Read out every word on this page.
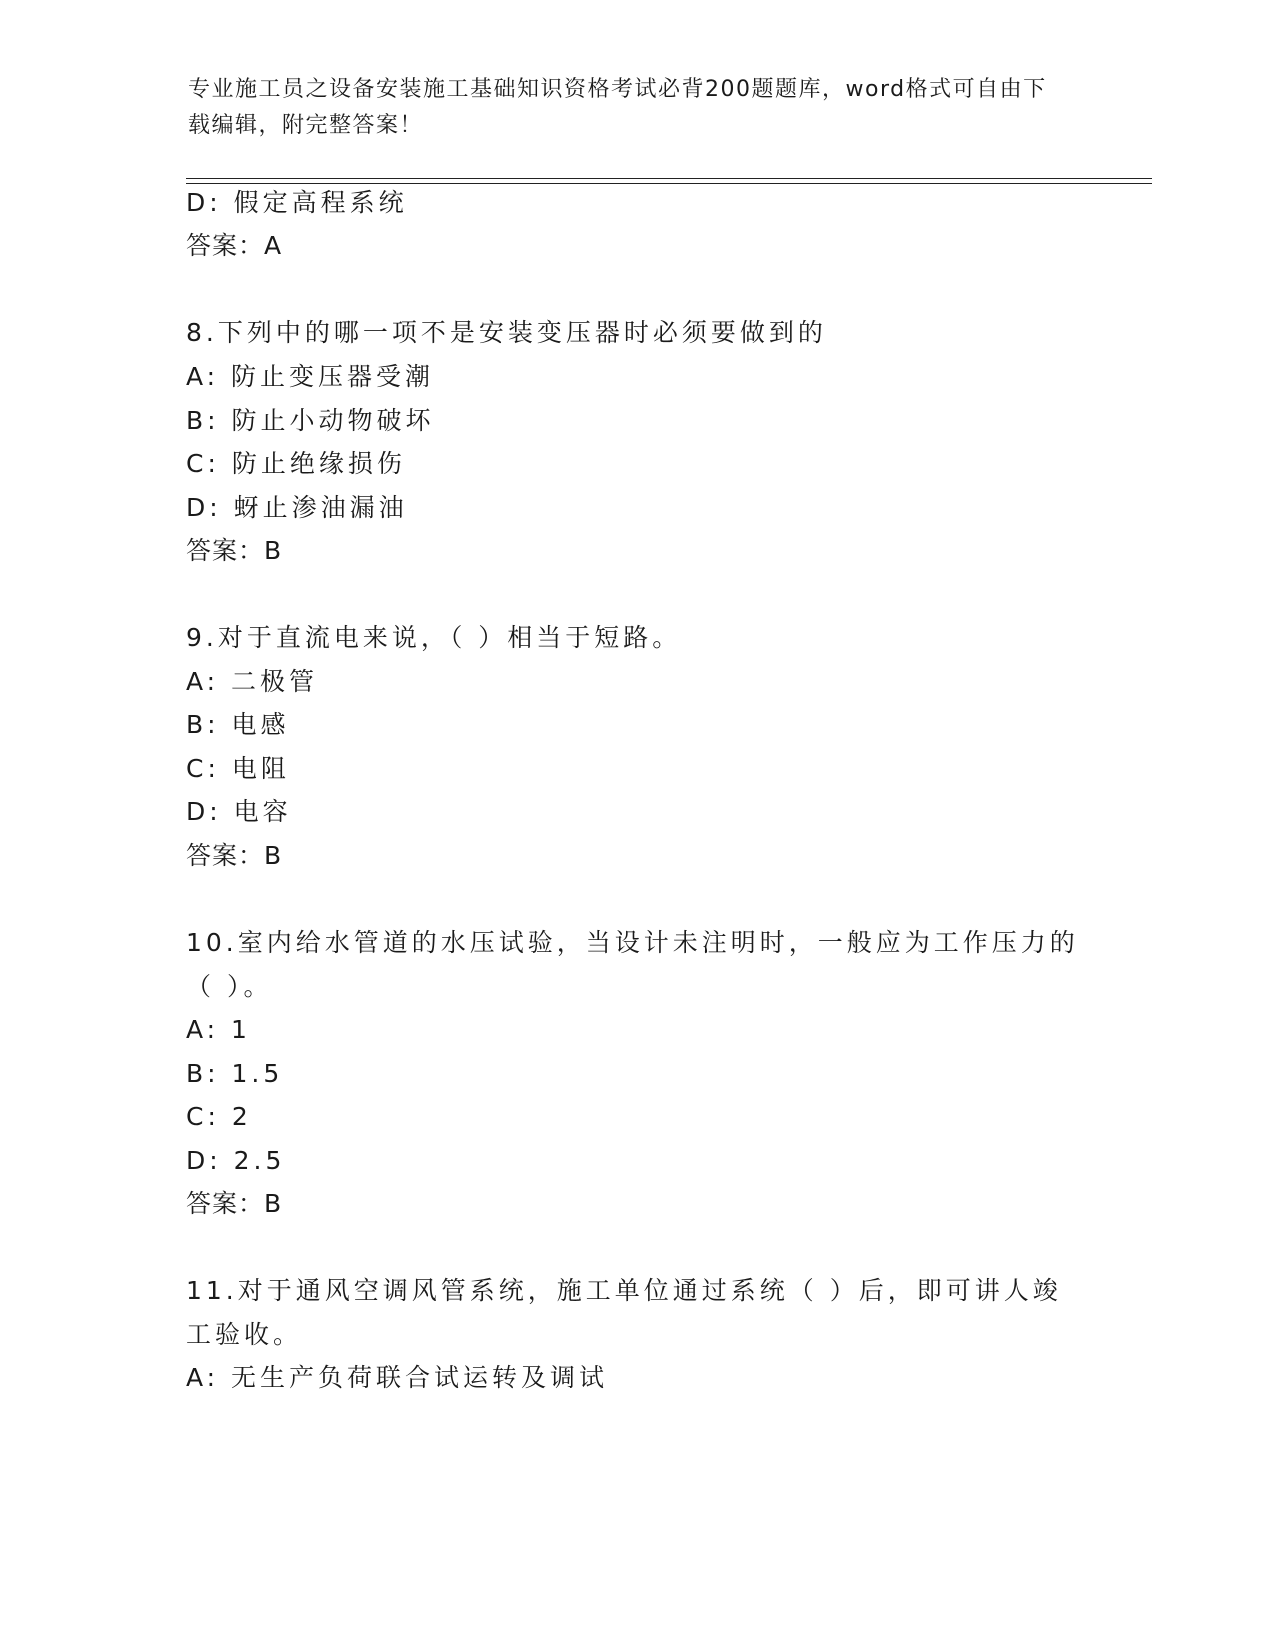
专业施工员之设备安装施工基础知识资格考试必背200题题库，word格式可自由下载编辑，附完整答案！
D: 假定高程系统
答案：A
8.下列中的哪一项不是安装变压器时必须要做到的
A: 防止变压器受潮
B: 防止小动物破坏
C: 防止绝缘损伤
D: 蚜止渗油漏油
答案：B
9.对于直流电来说，（ ）相当于短路。
A: 二极管
B: 电感
C: 电阻
D: 电容
答案：B
10.室内给水管道的水压试验，当设计未注明时，一般应为工作压力的
（ ）。
A: 1
B: 1.5
C: 2
D: 2.5
答案：B
11.对于通风空调风管系统，施工单位通过系统（ ）后，即可讲人竣
工验收。
A: 无生产负荷联合试运转及调试
